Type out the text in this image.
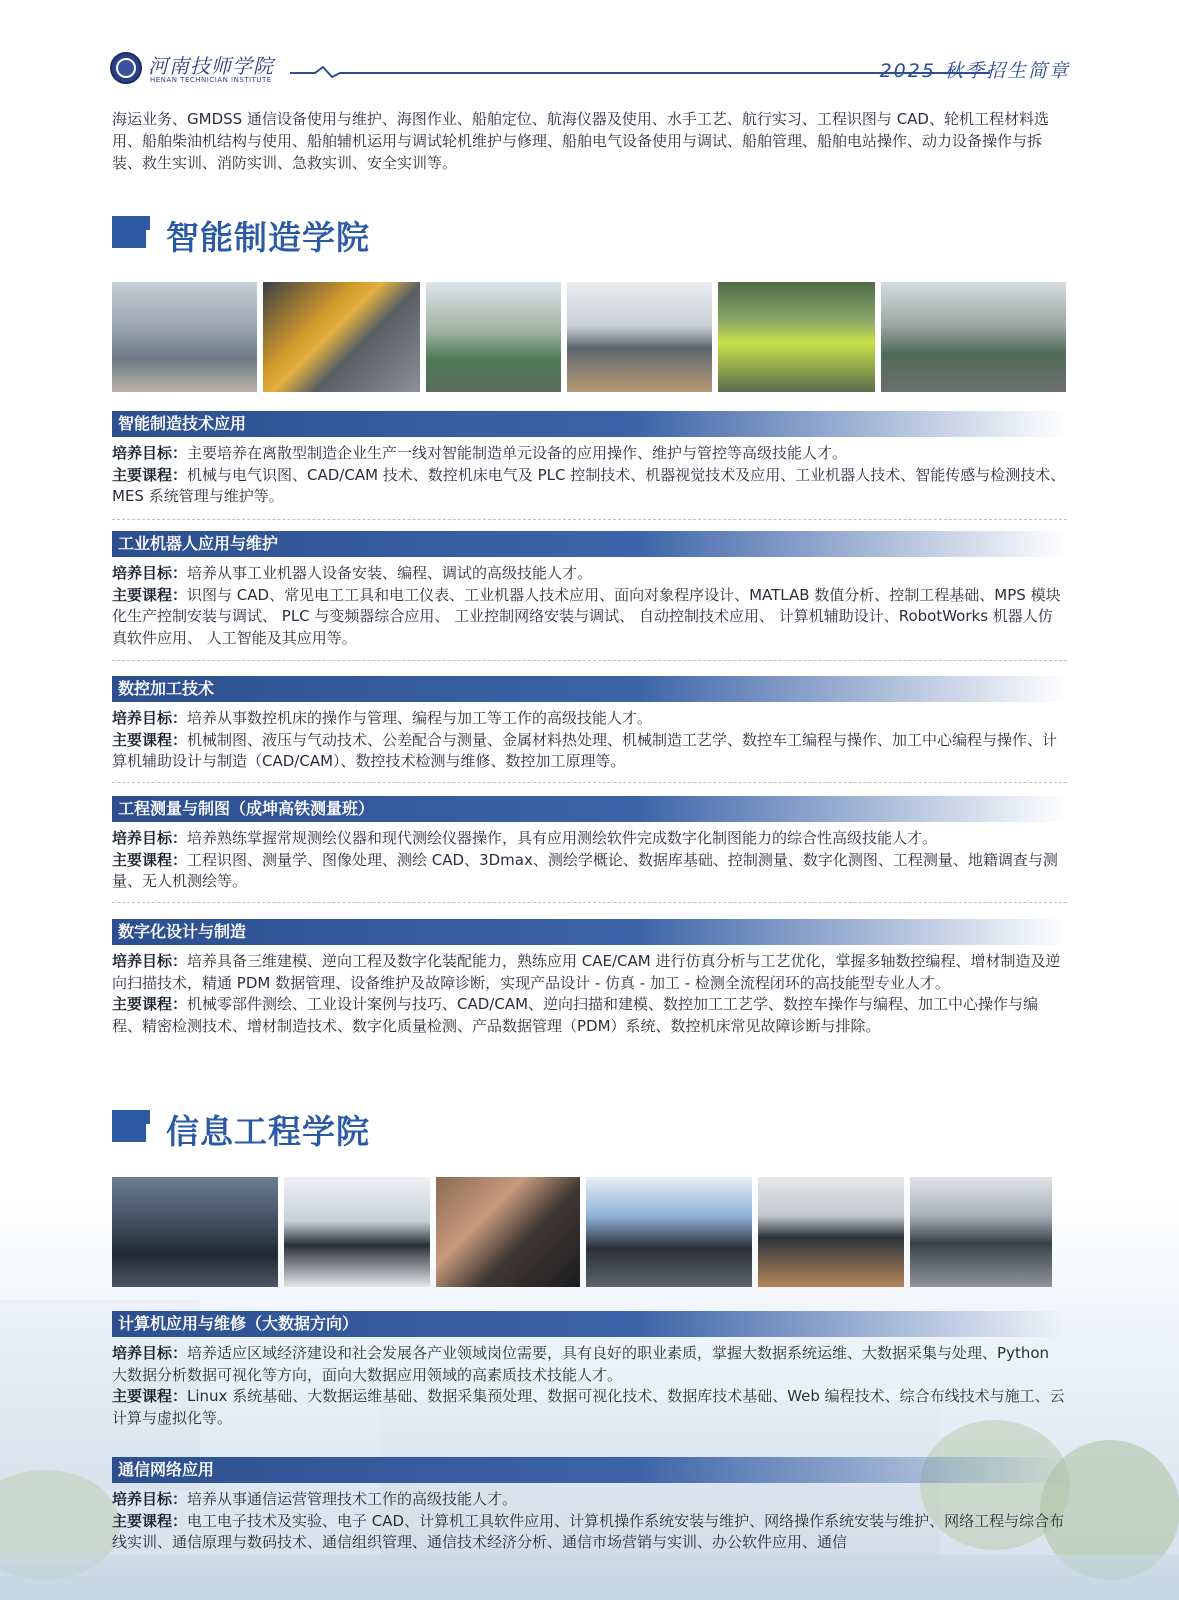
河南技师学院
HENAN TECHNICIAN INSTITUTE	2025 秋季招生简章
海运业务、GMDSS 通信设备使用与维护、海图作业、船舶定位、航海仪器及使用、水手工艺、航行实习、工程识图与 CAD、轮机工程材料选用、船舶柴油机结构与使用、船舶辅机运用与调试轮机维护与修理、船舶电气设备使用与调试、船舶管理、船舶电站操作、动力设备操作与拆装、救生实训、消防实训、急救实训、安全实训等。
智能制造学院
智能制造技术应用
培养目标：主要培养在离散型制造企业生产一线对智能制造单元设备的应用操作、维护与管控等高级技能人才。
主要课程：机械与电气识图、CAD/CAM 技术、数控机床电气及 PLC 控制技术、机器视觉技术及应用、工业机器人技术、智能传感与检测技术、MES 系统管理与维护等。
工业机器人应用与维护
培养目标：培养从事工业机器人设备安装、编程、调试的高级技能人才。
主要课程：识图与 CAD、常见电工工具和电工仪表、工业机器人技术应用、面向对象程序设计、MATLAB 数值分析、控制工程基础、MPS 模块化生产控制安装与调试、 PLC 与变频器综合应用、 工业控制网络安装与调试、 自动控制技术应用、 计算机辅助设计、RobotWorks 机器人仿真软件应用、 人工智能及其应用等。
数控加工技术
培养目标：培养从事数控机床的操作与管理、编程与加工等工作的高级技能人才。
主要课程：机械制图、液压与气动技术、公差配合与测量、金属材料热处理、机械制造工艺学、数控车工编程与操作、加工中心编程与操作、计算机辅助设计与制造（CAD/CAM）、数控技术检测与维修、数控加工原理等。
工程测量与制图（成坤高铁测量班）
培养目标：培养熟练掌握常规测绘仪器和现代测绘仪器操作，具有应用测绘软件完成数字化制图能力的综合性高级技能人才。
主要课程：工程识图、测量学、图像处理、测绘 CAD、3Dmax、测绘学概论、数据库基础、控制测量、数字化测图、工程测量、地籍调查与测量、无人机测绘等。
数字化设计与制造
培养目标：培养具备三维建模、逆向工程及数字化装配能力，熟练应用 CAE/CAM 进行仿真分析与工艺优化，掌握多轴数控编程、增材制造及逆向扫描技术，精通 PDM 数据管理、设备维护及故障诊断，实现产品设计 - 仿真 - 加工 - 检测全流程闭环的高技能型专业人才。
主要课程：机械零部件测绘、工业设计案例与技巧、CAD/CAM、逆向扫描和建模、数控加工工艺学、数控车操作与编程、加工中心操作与编程、精密检测技术、增材制造技术、数字化质量检测、产品数据管理（PDM）系统、数控机床常见故障诊断与排除。
信息工程学院
计算机应用与维修（大数据方向）
培养目标：培养适应区域经济建设和社会发展各产业领域岗位需要，具有良好的职业素质，掌握大数据系统运维、大数据采集与处理、Python 大数据分析数据可视化等方向，面向大数据应用领域的高素质技术技能人才。
主要课程：Linux 系统基础、大数据运维基础、数据采集预处理、数据可视化技术、数据库技术基础、Web 编程技术、综合布线技术与施工、云计算与虚拟化等。
通信网络应用
培养目标：培养从事通信运营管理技术工作的高级技能人才。
主要课程：电工电子技术及实验、电子 CAD、计算机工具软件应用、计算机操作系统安装与维护、网络操作系统安装与维护、网络工程与综合布线实训、通信原理与数码技术、通信组织管理、通信技术经济分析、通信市场营销与实训、办公软件应用、通信
